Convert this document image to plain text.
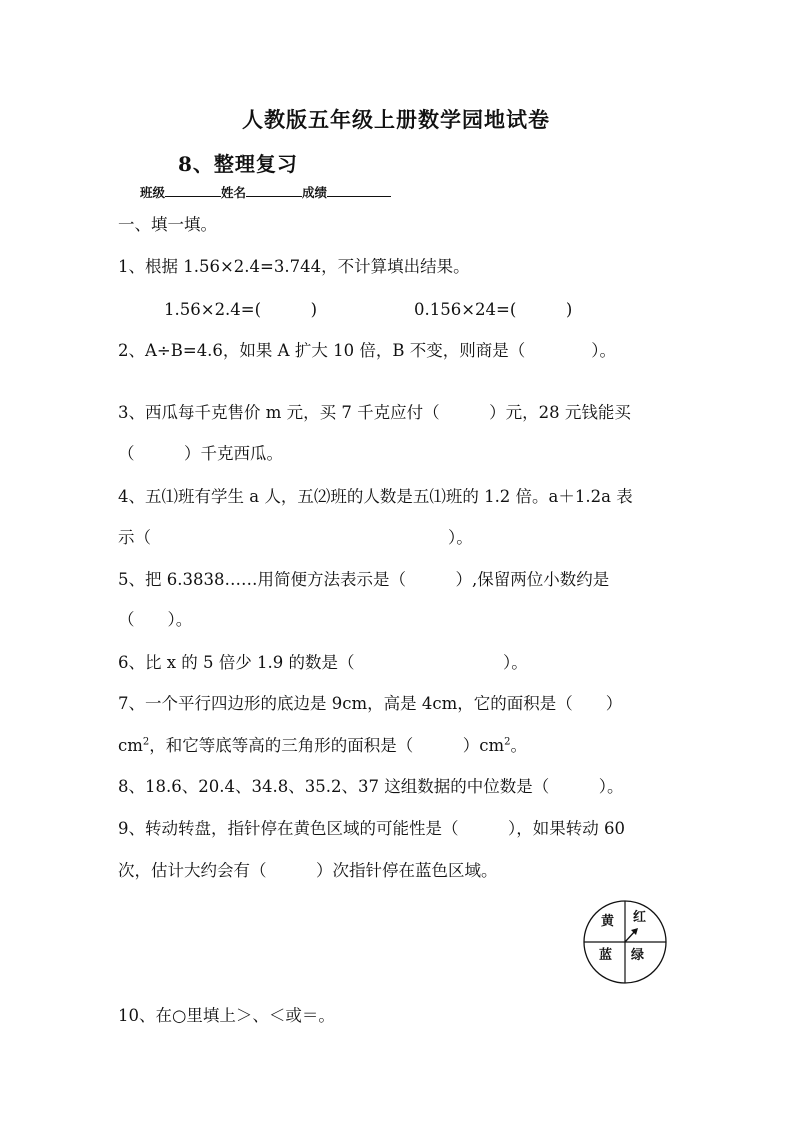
人教版五年级上册数学园地试卷
8、整理复习
班级	姓名	成绩
一、填一填。
1、根据 1.56×2.4=3.744，不计算填出结果。
1.56×2.4=(　　　)	0.156×24=(　　　)
2、A÷B=4.6，如果 A 扩大 10 倍，B 不变，则商是（　　　　）。
3、西瓜每千克售价 m 元，买 7 千克应付（　　　）元，28 元钱能买
（　　　）千克西瓜。
4、五⑴班有学生 a 人，五⑵班的人数是五⑴班的 1.2 倍。a＋1.2a 表
示（　　　　　　　　　　　　　　　　　　）。
5、把 6.3838……用简便方法表示是（　　　）,保留两位小数约是
（　　）。
6、比 x 的 5 倍少 1.9 的数是（　　　　　　　　　）。
7、一个平行四边形的底边是 9cm，高是 4cm，它的面积是（　　）
$cm^2$，和它等底等高的三角形的面积是（　　　）$cm^2$。
8、18.6、20.4、34.8、35.2、37 这组数据的中位数是（　　　）。
9、转动转盘，指针停在黄色区域的可能性是（　　　），如果转动 60
次，估计大约会有（　　　）次指针停在蓝色区域。
黄 红
蓝 绿
10、在○里填上＞、＜或＝。
